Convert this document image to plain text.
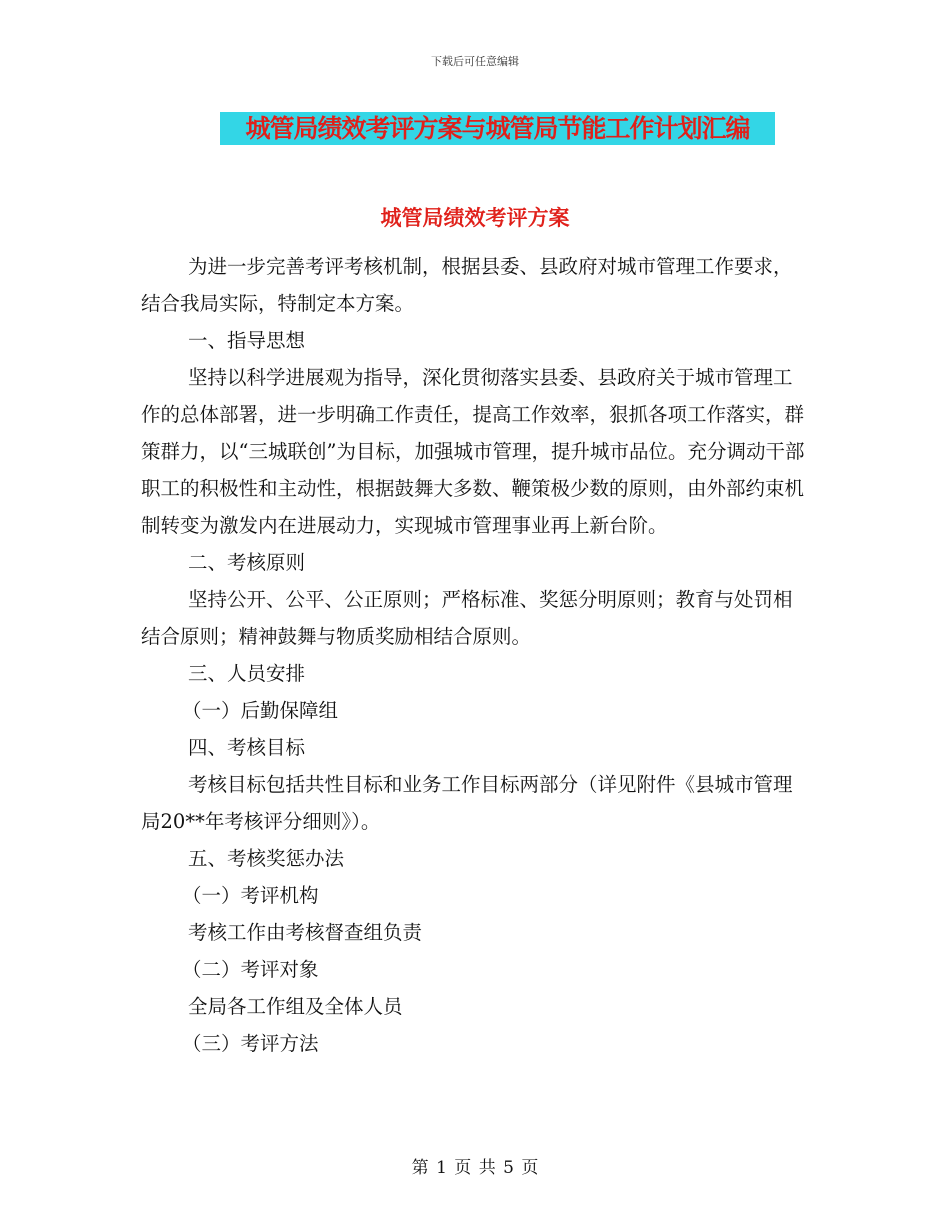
下载后可任意编辑
城管局绩效考评方案与城管局节能工作计划汇编
城管局绩效考评方案

为进一步完善考评考核机制，根据县委、县政府对城市管理工作要求，结合我局实际，特制定本方案。

一、指导思想

坚持以科学进展观为指导，深化贯彻落实县委、县政府关于城市管理工作的总体部署，进一步明确工作责任，提高工作效率，狠抓各项工作落实，群策群力，以“三城联创”为目标，加强城市管理，提升城市品位。充分调动干部职工的积极性和主动性，根据鼓舞大多数、鞭策极少数的原则，由外部约束机制转变为激发内在进展动力，实现城市管理事业再上新台阶。

二、考核原则

坚持公开、公平、公正原则；严格标准、奖惩分明原则；教育与处罚相结合原则；精神鼓舞与物质奖励相结合原则。

三、人员安排

（一）后勤保障组

四、考核目标

考核目标包括共性目标和业务工作目标两部分（详见附件《县城市管理局20**年考核评分细则》）。

五、考核奖惩办法

（一）考评机构

考核工作由考核督查组负责

（二）考评对象

全局各工作组及全体人员

（三）考评方法

第 1 页 共 5 页
